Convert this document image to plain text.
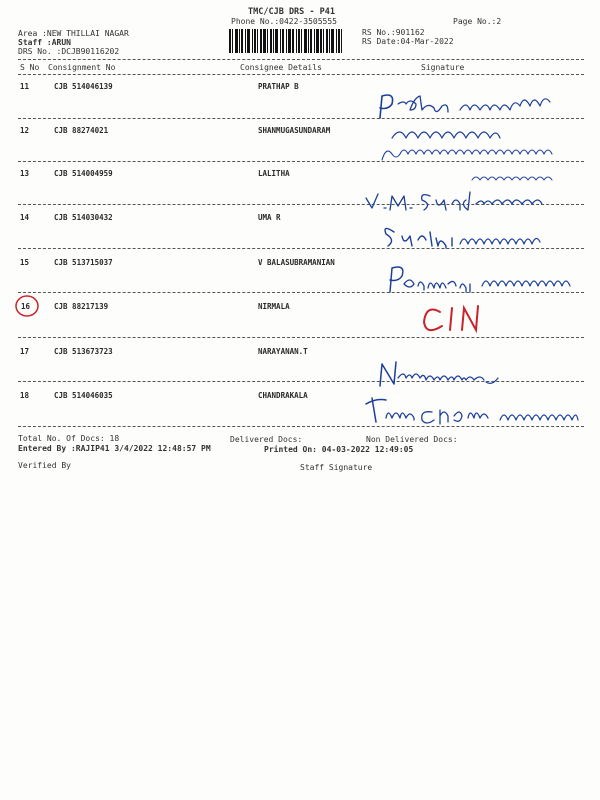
TMC/CJB DRS - P41
Phone No.:0422-3505555	Page No.:2
Area :NEW THILLAI NAGAR
Staff :ARUN
DRS No. :DCJB90116202
RS No.:901162
RS Date:04-Mar-2022
S No Consignment No	Consignee Details	Signature
11	CJB 514046139	PRATHAP B
12	CJB 88274021	SHANMUGASUNDARAM
13	CJB 514004959	LALITHA
14	CJB 514030432	UMA R
15	CJB 513715037	V BALASUBRAMANIAN
16	CJB 88217139	NIRMALA
17	CJB 513673723	NARAYANAN.T
18	CJB 514046035	CHANDRAKALA
Total No. Of Docs: 18	Delivered Docs:	Non Delivered Docs:
Entered By :RAJIP41 3/4/2022 12:48:57 PM	Printed On: 04-03-2022 12:49:05
Verified By	Staff Signature
